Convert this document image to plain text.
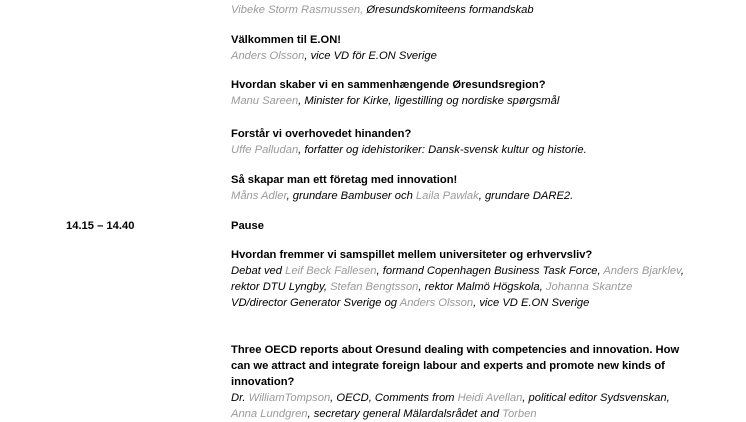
Vibeke Storm Rasmussen, Øresundskomiteens formandskab
Välkommen til E.ON!
Anders Olsson, vice VD för E.ON Sverige
Hvordan skaber vi en sammenhængende Øresundsregion?
Manu Sareen, Minister for Kirke, ligestilling og nordiske spørgsmål
Forstår vi overhovedet hinanden?
Uffe Palludan, forfatter og idehistoriker: Dansk-svensk kultur og historie.
Så skapar man ett företag med innovation!
Måns Adler, grundare Bambuser och Laila Pawlak, grundare DARE2.
14.15 – 14.40	Pause
Hvordan fremmer vi samspillet mellem universiteter og erhvervsliv?
Debat ved Leif Beck Fallesen, formand Copenhagen Business Task Force, Anders Bjarklev, rektor DTU Lyngby, Stefan Bengtsson, rektor Malmö Högskola, Johanna Skantze VD/director Generator Sverige og Anders Olsson, vice VD E.ON Sverige
Three OECD reports about Oresund dealing with competencies and innovation. How can we attract and integrate foreign labour and experts and promote new kinds of innovation?
Dr. WilliamTompson, OECD, Comments from Heidi Avellan, political editor Sydsvenskan, Anna Lundgren, secretary general Mälardalsrådet and Torben
